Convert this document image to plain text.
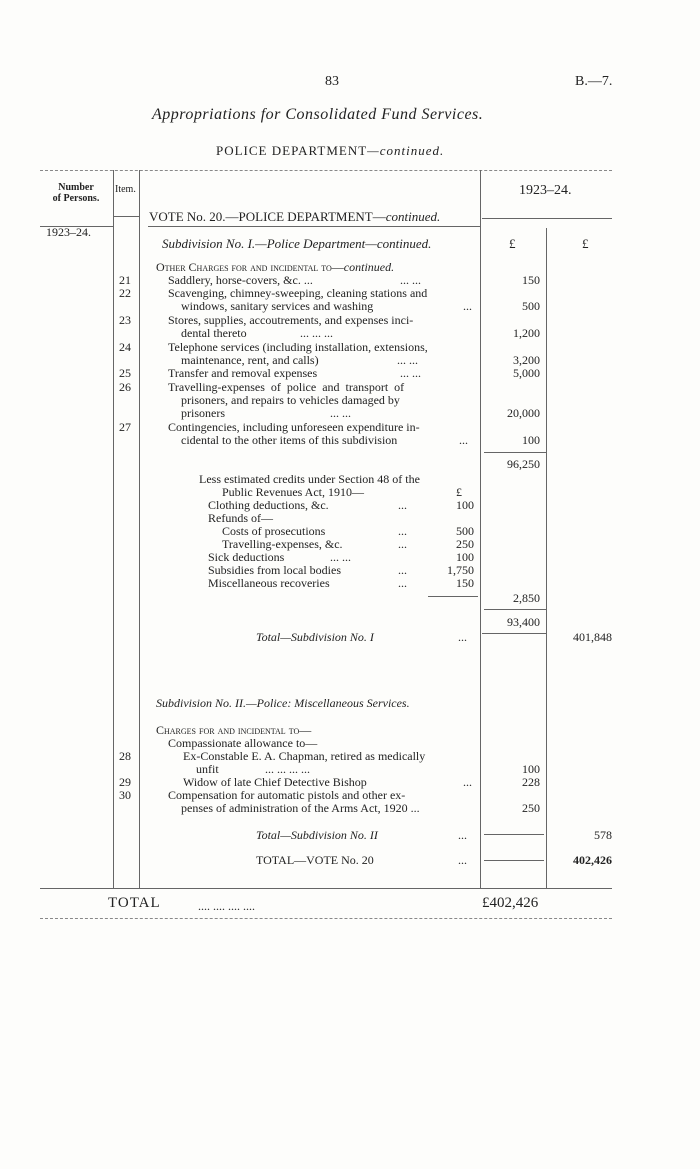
83	B.—7.
Appropriations for Consolidated Fund Services.
POLICE DEPARTMENT—continued.
Number
of Persons.
Item.	1923–24.
VOTE No. 20.—POLICE DEPARTMENT—continued.
1923–24.
Subdivision No. I.—Police Department—continued.	£	£
Other Charges for and incidental to—continued.
21	Saddlery, horse-covers, &c. ...	... ...	150
22	Scavenging, chimney-sweeping, cleaning stations and
windows, sanitary services and washing	...	500
23	Stores, supplies, accoutrements, and expenses inci-
dental thereto	... ... ...	1,200
24	Telephone services (including installation, extensions,
maintenance, rent, and calls)	... ...	3,200
25	Transfer and removal expenses	... ...	5,000
26	Travelling-expenses of police and transport of
prisoners, and repairs to vehicles damaged by
prisoners	... ...	20,000
27	Contingencies, including unforeseen expenditure in-
cidental to the other items of this subdivision	...	100
96,250
Less estimated credits under Section 48 of the
Public Revenues Act, 1910—	£
Clothing deductions, &c.	...	100
Refunds of—
Costs of prosecutions	...	500
Travelling-expenses, &c.	...	250
Sick deductions	... ...	100
Subsidies from local bodies	...	1,750
Miscellaneous recoveries	...	150
2,850
93,400
Total—Subdivision No. I	...	401,848
Subdivision No. II.—Police: Miscellaneous Services.
Charges for and incidental to—
Compassionate allowance to—
28	Ex-Constable E. A. Chapman, retired as medically
unfit	... ... ... ...	100
29	Widow of late Chief Detective Bishop	...	228
30	Compensation for automatic pistols and other ex-
penses of administration of the Arms Act, 1920 ...	250
Total—Subdivision No. II	...	578
TOTAL—VOTE No. 20	...	402,426
TOTAL	.... .... .... ....	£402,426
